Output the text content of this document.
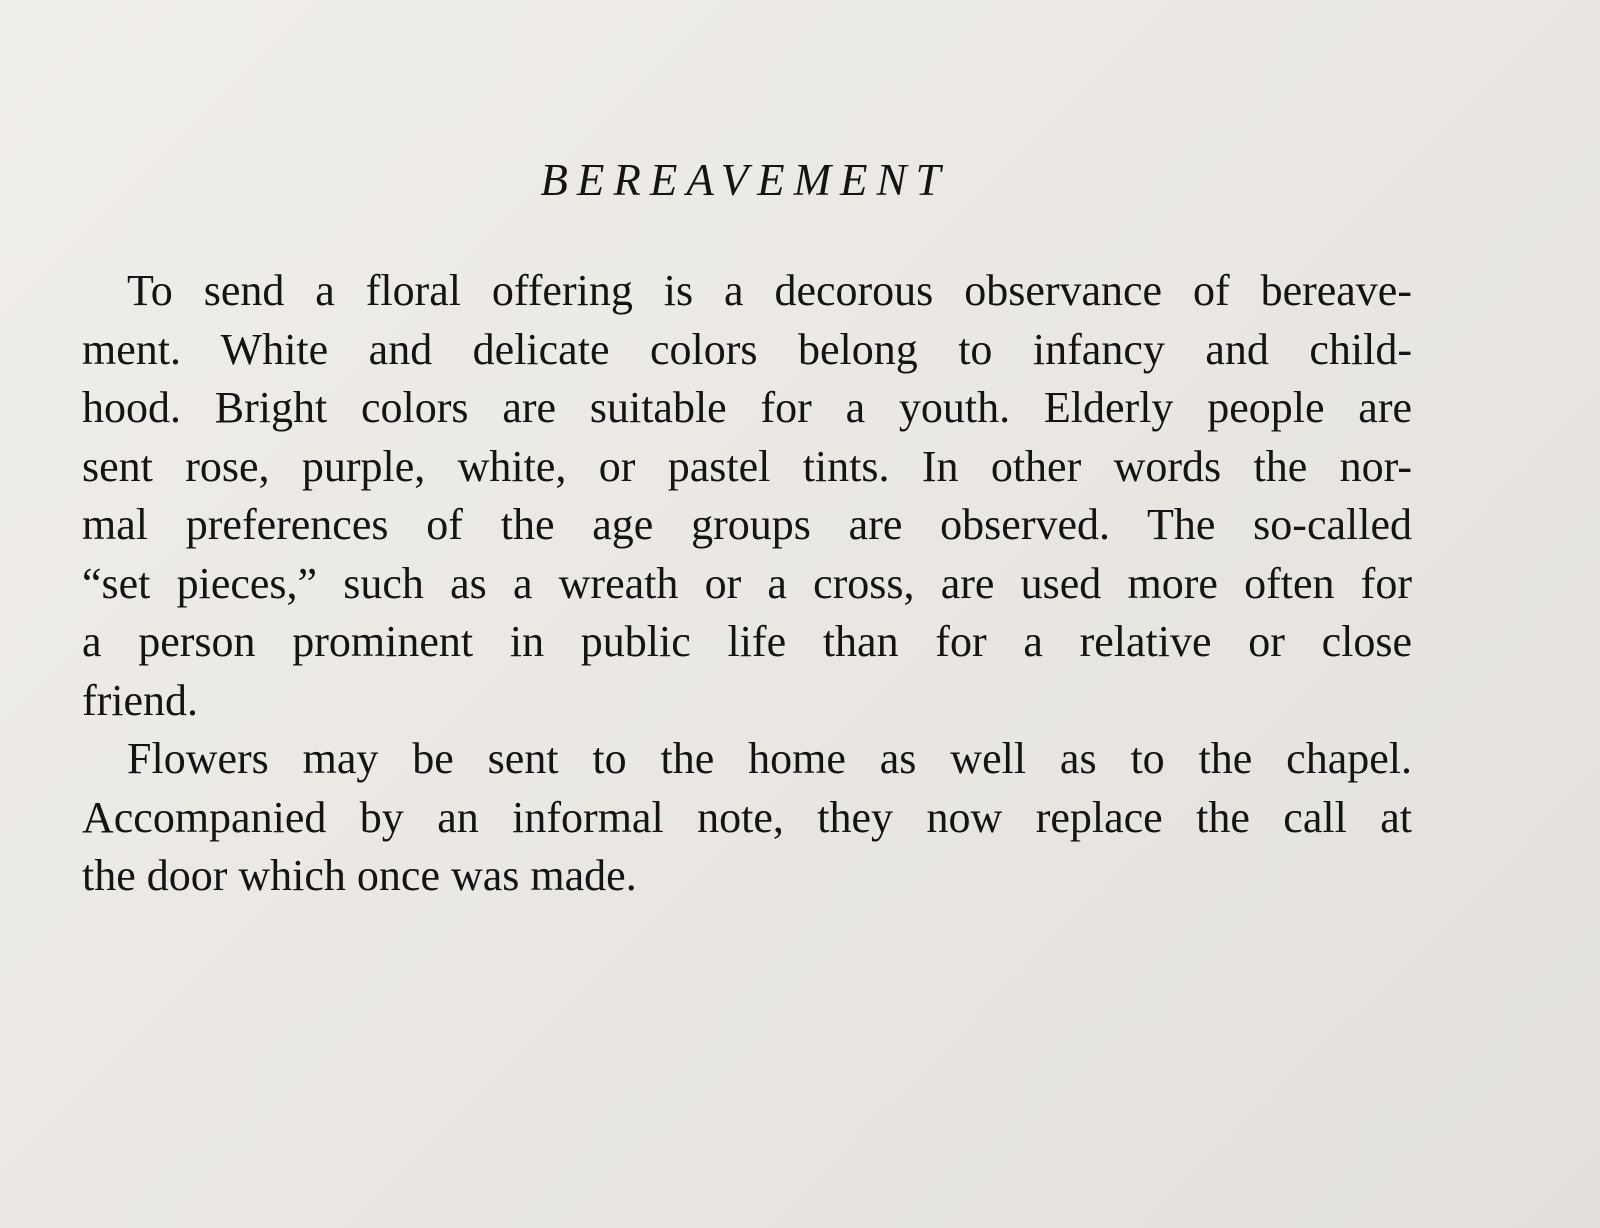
BEREAVEMENT
To send a floral offering is a decorous observance of bereave-
ment. White and delicate colors belong to infancy and child-
hood. Bright colors are suitable for a youth. Elderly people are
sent rose, purple, white, or pastel tints. In other words the nor-
mal preferences of the age groups are observed. The so-called
“set pieces,” such as a wreath or a cross, are used more often for
a person prominent in public life than for a relative or close
friend.
Flowers may be sent to the home as well as to the chapel.
Accompanied by an informal note, they now replace the call at
the door which once was made.
